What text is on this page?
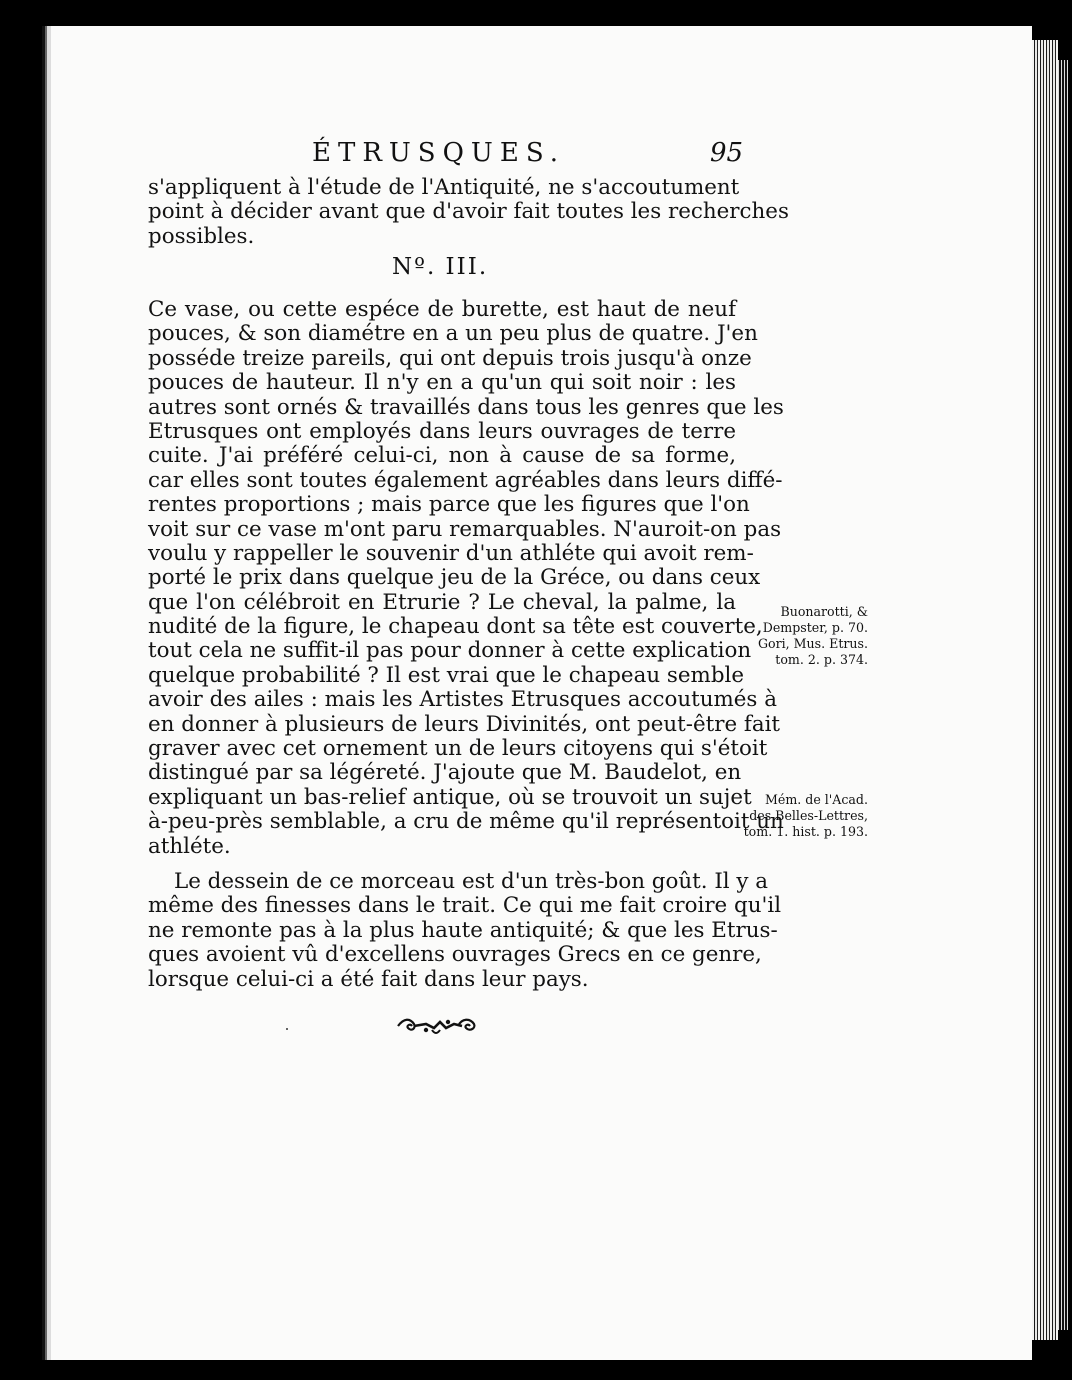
ÉTRUSQUES.	95
s'appliquent à l'étude de l'Antiquité, ne s'accoutument
point à décider avant que d'avoir fait toutes les recherches
possibles.
Nº. III.
Ce vase, ou cette espéce de burette, est haut de neuf
pouces, & son diamétre en a un peu plus de quatre. J'en
posséde treize pareils, qui ont depuis trois jusqu'à onze
pouces de hauteur. Il n'y en a qu'un qui soit noir : les
autres sont ornés & travaillés dans tous les genres que les
Etrusques ont employés dans leurs ouvrages de terre
cuite. J'ai préféré celui-ci, non à cause de sa forme,
car elles sont toutes également agréables dans leurs diffé-
rentes proportions ; mais parce que les figures que l'on
voit sur ce vase m'ont paru remarquables. N'auroit-on pas
voulu y rappeller le souvenir d'un athléte qui avoit rem-
porté le prix dans quelque jeu de la Gréce, ou dans ceux
que l'on célébroit en Etrurie ? Le cheval, la palme, la
nudité de la figure, le chapeau dont sa tête est couverte,
tout cela ne suffit-il pas pour donner à cette explication
quelque probabilité ? Il est vrai que le chapeau semble
avoir des ailes : mais les Artistes Etrusques accoutumés à
en donner à plusieurs de leurs Divinités, ont peut-être fait
graver avec cet ornement un de leurs citoyens qui s'étoit
distingué par sa légéreté. J'ajoute que M. Baudelot, en
expliquant un bas-relief antique, où se trouvoit un sujet
à-peu-près semblable, a cru de même qu'il représentoit un
athléte.
Le dessein de ce morceau est d'un très-bon goût. Il y a
même des finesses dans le trait. Ce qui me fait croire qu'il
ne remonte pas à la plus haute antiquité; & que les Etrus-
ques avoient vû d'excellens ouvrages Grecs en ce genre,
lorsque celui-ci a été fait dans leur pays.
Buonarotti, &
Dempster, p. 70.
Gori, Mus. Etrus.
tom. 2. p. 374.
Mém. de l'Acad.
des Belles-Lettres,
tom. 1. hist. p. 193.
